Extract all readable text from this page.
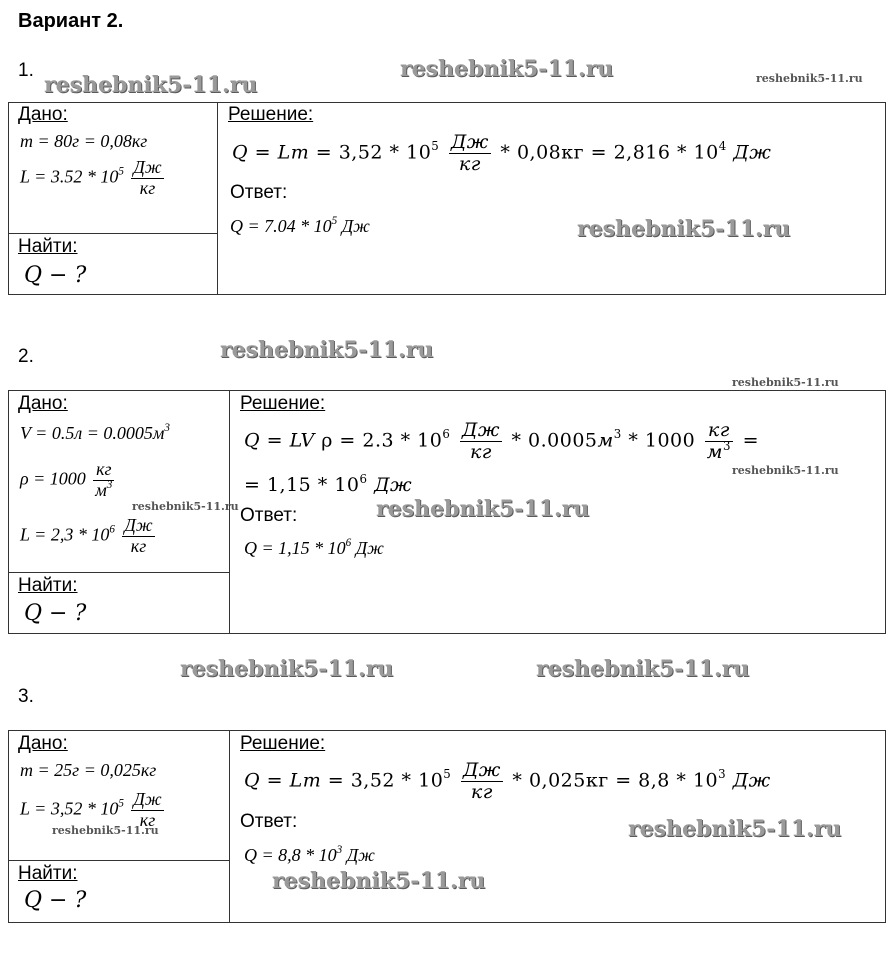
Вариант 2.
1.
Дано:
m = 80г = 0,08кг
$L = 3.52 * 10^5 \frac{Дж}{кг}$
Найти:
Q − ?
Решение:
$Q = Lm = 3,52 * 10^5 \frac{Дж}{кг} * 0,08кг = 2,816 * 10^4$ Дж
Ответ:
$Q = 7.04 * 10^5$ Дж
2.
Дано:
$V = 0.5л = 0.0005м^3$
$\rho = 1000 \frac{кг}{м^3}$
$L = 2,3 * 10^6 \frac{Дж}{кг}$
Найти:
Q − ?
Решение:
Q = LV $\rho = 2.3 * 10^6 \frac{Дж}{кг} * 0.0005м^3 * 1000 \frac{кг}{м^3}$ =
= $1,15 * 10^6$ Дж
Ответ:
$Q = 1,15 * 10^6$ Дж
3.
Дано:
m = 25г = 0,025кг
$L = 3,52 * 10^5 \frac{Дж}{кг}$
Найти:
Q − ?
Решение:
$Q = Lm = 3,52 * 10^5 \frac{Дж}{кг} * 0,025кг = 8,8 * 10^3$ Дж
Ответ:
$Q = 8,8 * 10^3$ Дж
reshebnik5-11.ru
reshebnik5-11.ru	reshebnik5-11.ru
reshebnik5-11.ru
reshebnik5-11.ru
reshebnik5-11.ru
reshebnik5-11.ru
reshebnik5-11.ru	reshebnik5-11.ru
reshebnik5-11.ru	reshebnik5-11.ru
reshebnik5-11.ru	reshebnik5-11.ru
reshebnik5-11.ru
